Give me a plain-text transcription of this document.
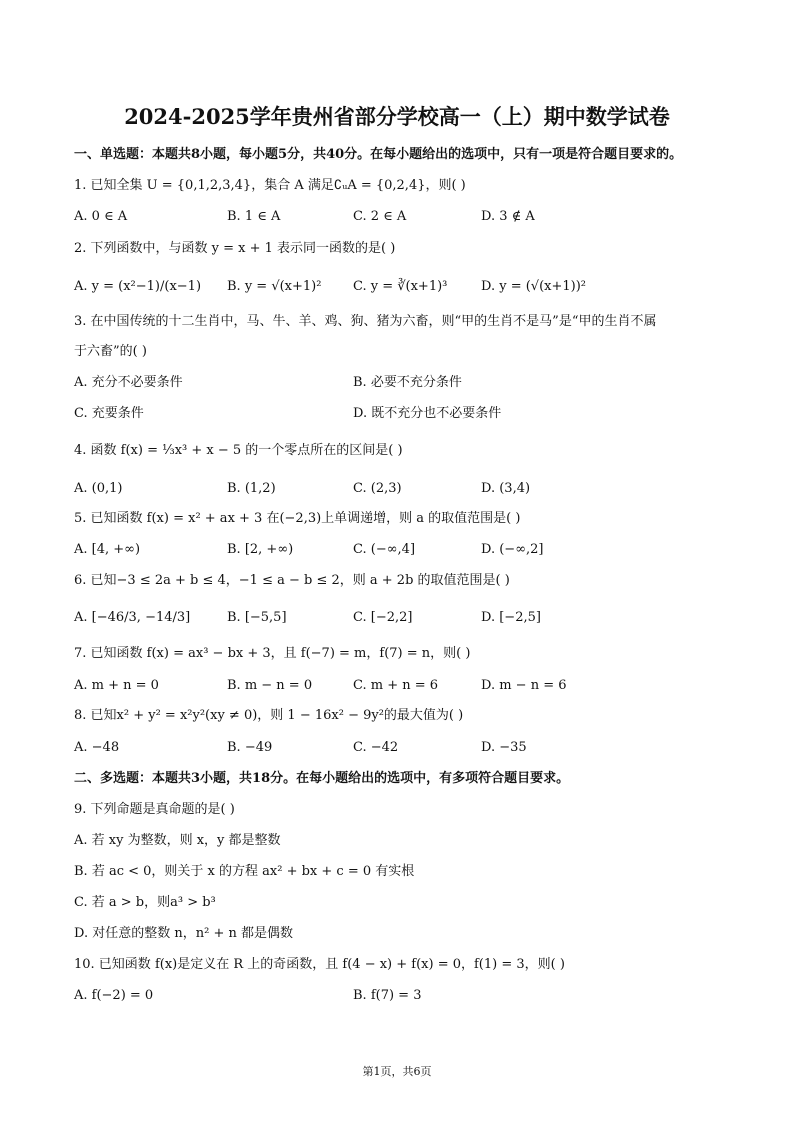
2024-2025学年贵州省部分学校高一（上）期中数学试卷
一、单选题：本题共8小题，每小题5分，共40分。在每小题给出的选项中，只有一项是符合题目要求的。
1. 已知全集 U = {0,1,2,3,4}，集合 A 满足∁ᵤA = {0,2,4}，则( )
A. 0 ∈ A	B. 1 ∈ A	C. 2 ∈ A	D. 3 ∉ A
2. 下列函数中，与函数 y = x + 1 表示同一函数的是( )
A. y = (x²−1)/(x−1) B. y = √(x+1)² C. y = ∛(x+1)³	D. y = (√(x+1))²
3. 在中国传统的十二生肖中，马、牛、羊、鸡、狗、猪为六畜，则“甲的生肖不是马”是“甲的生肖不属
于六畜”的( )
A. 充分不必要条件	B. 必要不充分条件
C. 充要条件	D. 既不充分也不必要条件
4. 函数 f(x) = ⅓x³ + x − 5 的一个零点所在的区间是( )
A. (0,1)	B. (1,2)	C. (2,3)	D. (3,4)
5. 已知函数 f(x) = x² + ax + 3 在(−2,3)上单调递增，则 a 的取值范围是( )
A. [4, +∞)	B. [2, +∞)	C. (−∞,4]	D. (−∞,2]
6. 已知−3 ≤ 2a + b ≤ 4，−1 ≤ a − b ≤ 2，则 a + 2b 的取值范围是( )
A. [−46/3, −14/3]	B. [−5,5]	C. [−2,2]	D. [−2,5]
7. 已知函数 f(x) = ax³ − bx + 3，且 f(−7) = m，f(7) = n，则( )
A. m + n = 0	B. m − n = 0	C. m + n = 6	D. m − n = 6
8. 已知x² + y² = x²y²(xy ≠ 0)，则 1 − 16x² − 9y²的最大值为( )
A. −48	B. −49	C. −42	D. −35
二、多选题：本题共3小题，共18分。在每小题给出的选项中，有多项符合题目要求。
9. 下列命题是真命题的是( )
A. 若 xy 为整数，则 x，y 都是整数
B. 若 ac < 0，则关于 x 的方程 ax² + bx + c = 0 有实根
C. 若 a > b，则a³ > b³
D. 对任意的整数 n，n² + n 都是偶数
10. 已知函数 f(x)是定义在 R 上的奇函数，且 f(4 − x) + f(x) = 0，f(1) = 3，则( )
A. f(−2) = 0	B. f(7) = 3
第1页，共6页
